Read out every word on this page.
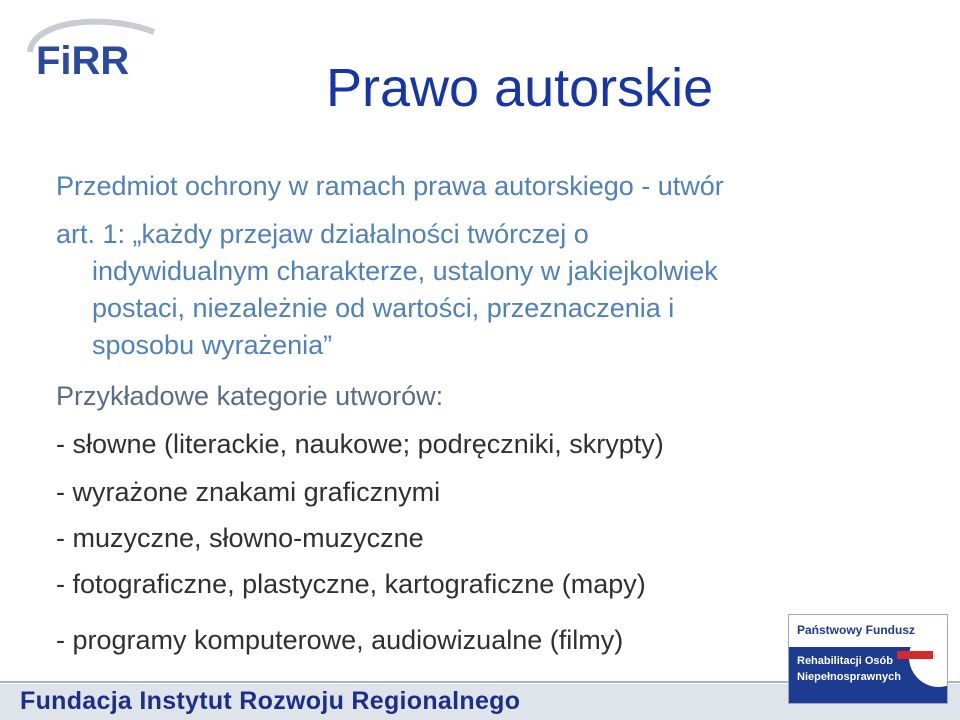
FiRR	Prawo autorskie
Przedmiot ochrony w ramach prawa autorskiego - utwór
art. 1: „każdy przejaw działalności twórczej o
indywidualnym charakterze, ustalony w jakiejkolwiek
postaci, niezależnie od wartości, przeznaczenia i
sposobu wyrażenia”
Przykładowe kategorie utworów:
- słowne (literackie, naukowe; podręczniki, skrypty)
- wyrażone znakami graficznymi
- muzyczne, słowno-muzyczne
- fotograficzne, plastyczne, kartograficzne (mapy)
- programy komputerowe, audiowizualne (filmy)
Fundacja Instytut Rozwoju Regionalnego
Państwowy Fundusz
Rehabilitacji Osób
Niepełnosprawnych
